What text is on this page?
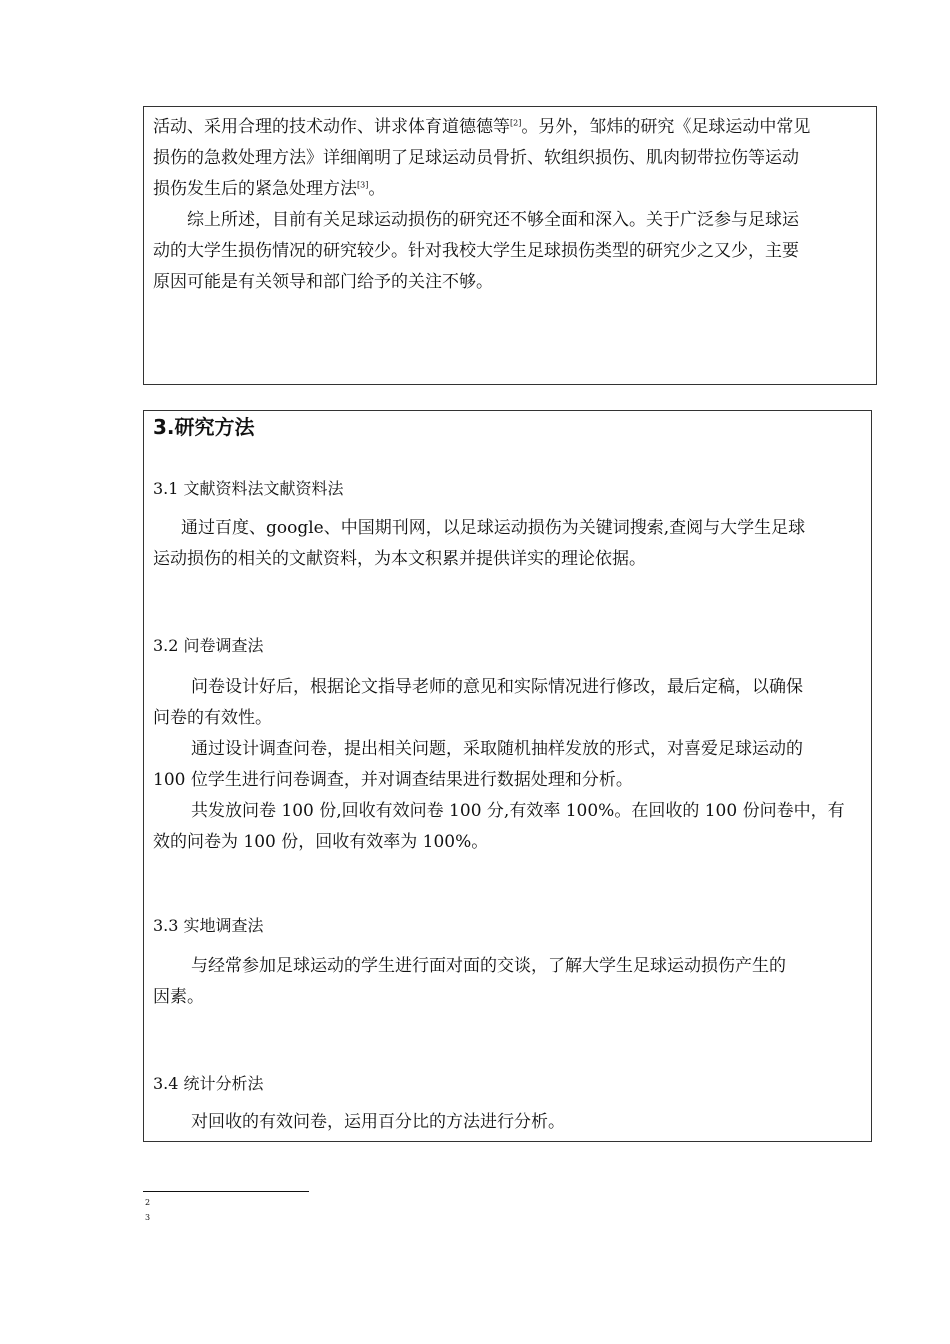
活动、采用合理的技术动作、讲求体育道德德等[2]。另外，邹炜的研究《足球运动中常见

损伤的急救处理方法》详细阐明了足球运动员骨折、软组织损伤、肌肉韧带拉伤等运动

损伤发生后的紧急处理方法[3]。

综上所述，目前有关足球运动损伤的研究还不够全面和深入。关于广泛参与足球运

动的大学生损伤情况的研究较少。针对我校大学生足球损伤类型的研究少之又少，主要

原因可能是有关领导和部门给予的关注不够。

3.研究方法
3.1 文献资料法文献资料法

通过百度、google、中国期刊网，以足球运动损伤为关键词搜索,查阅与大学生足球

运动损伤的相关的文献资料，为本文积累并提供详实的理论依据。

3.2 问卷调查法

问卷设计好后，根据论文指导老师的意见和实际情况进行修改，最后定稿，以确保

问卷的有效性。

通过设计调查问卷，提出相关问题，采取随机抽样发放的形式，对喜爱足球运动的

100 位学生进行问卷调查，并对调查结果进行数据处理和分析。

共发放问卷 100 份,回收有效问卷 100 分,有效率 100%。在回收的 100 份问卷中，有

效的问卷为 100 份，回收有效率为 100%。

3.3 实地调查法

与经常参加足球运动的学生进行面对面的交谈，了解大学生足球运动损伤产生的

因素。

3.4 统计分析法

对回收的有效问卷，运用百分比的方法进行分析。

2
3
